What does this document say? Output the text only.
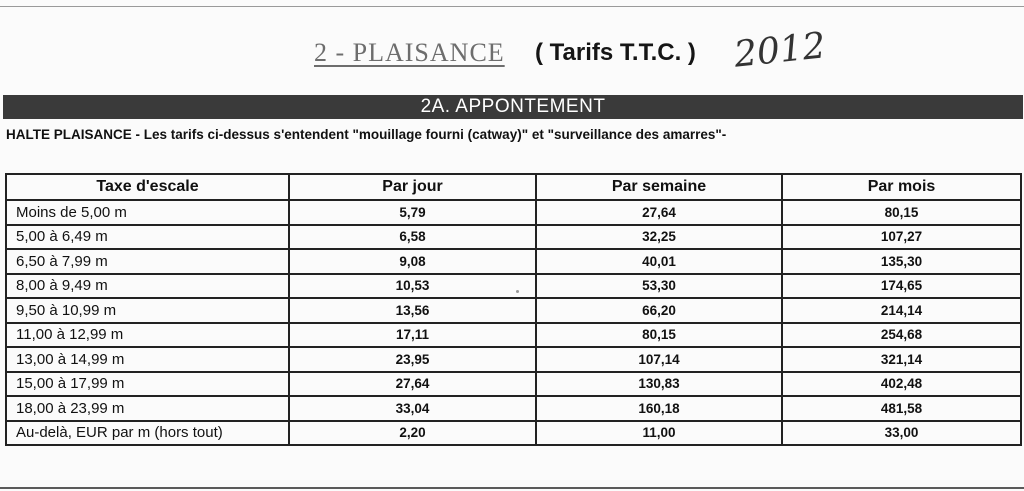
2 - PLAISANCE ( Tarifs T.T.C. ) 2012
2A. APPONTEMENT
HALTE PLAISANCE - Les tarifs ci-dessus s'entendent "mouillage fourni (catway)" et "surveillance des amarres"-
Taxe d'escale	Par jour	Par semaine	Par mois
Moins de 5,00 m	5,79	27,64	80,15
5,00 à 6,49 m	6,58	32,25	107,27
6,50 à 7,99 m	9,08	40,01	135,30
8,00 à 9,49 m	10,53	53,30	174,65
9,50 à 10,99 m	13,56	66,20	214,14
11,00 à 12,99 m	17,11	80,15	254,68
13,00 à 14,99 m	23,95	107,14	321,14
15,00 à 17,99 m	27,64	130,83	402,48
18,00 à 23,99 m	33,04	160,18	481,58
Au-delà, EUR par m (hors tout)	2,20	11,00	33,00
